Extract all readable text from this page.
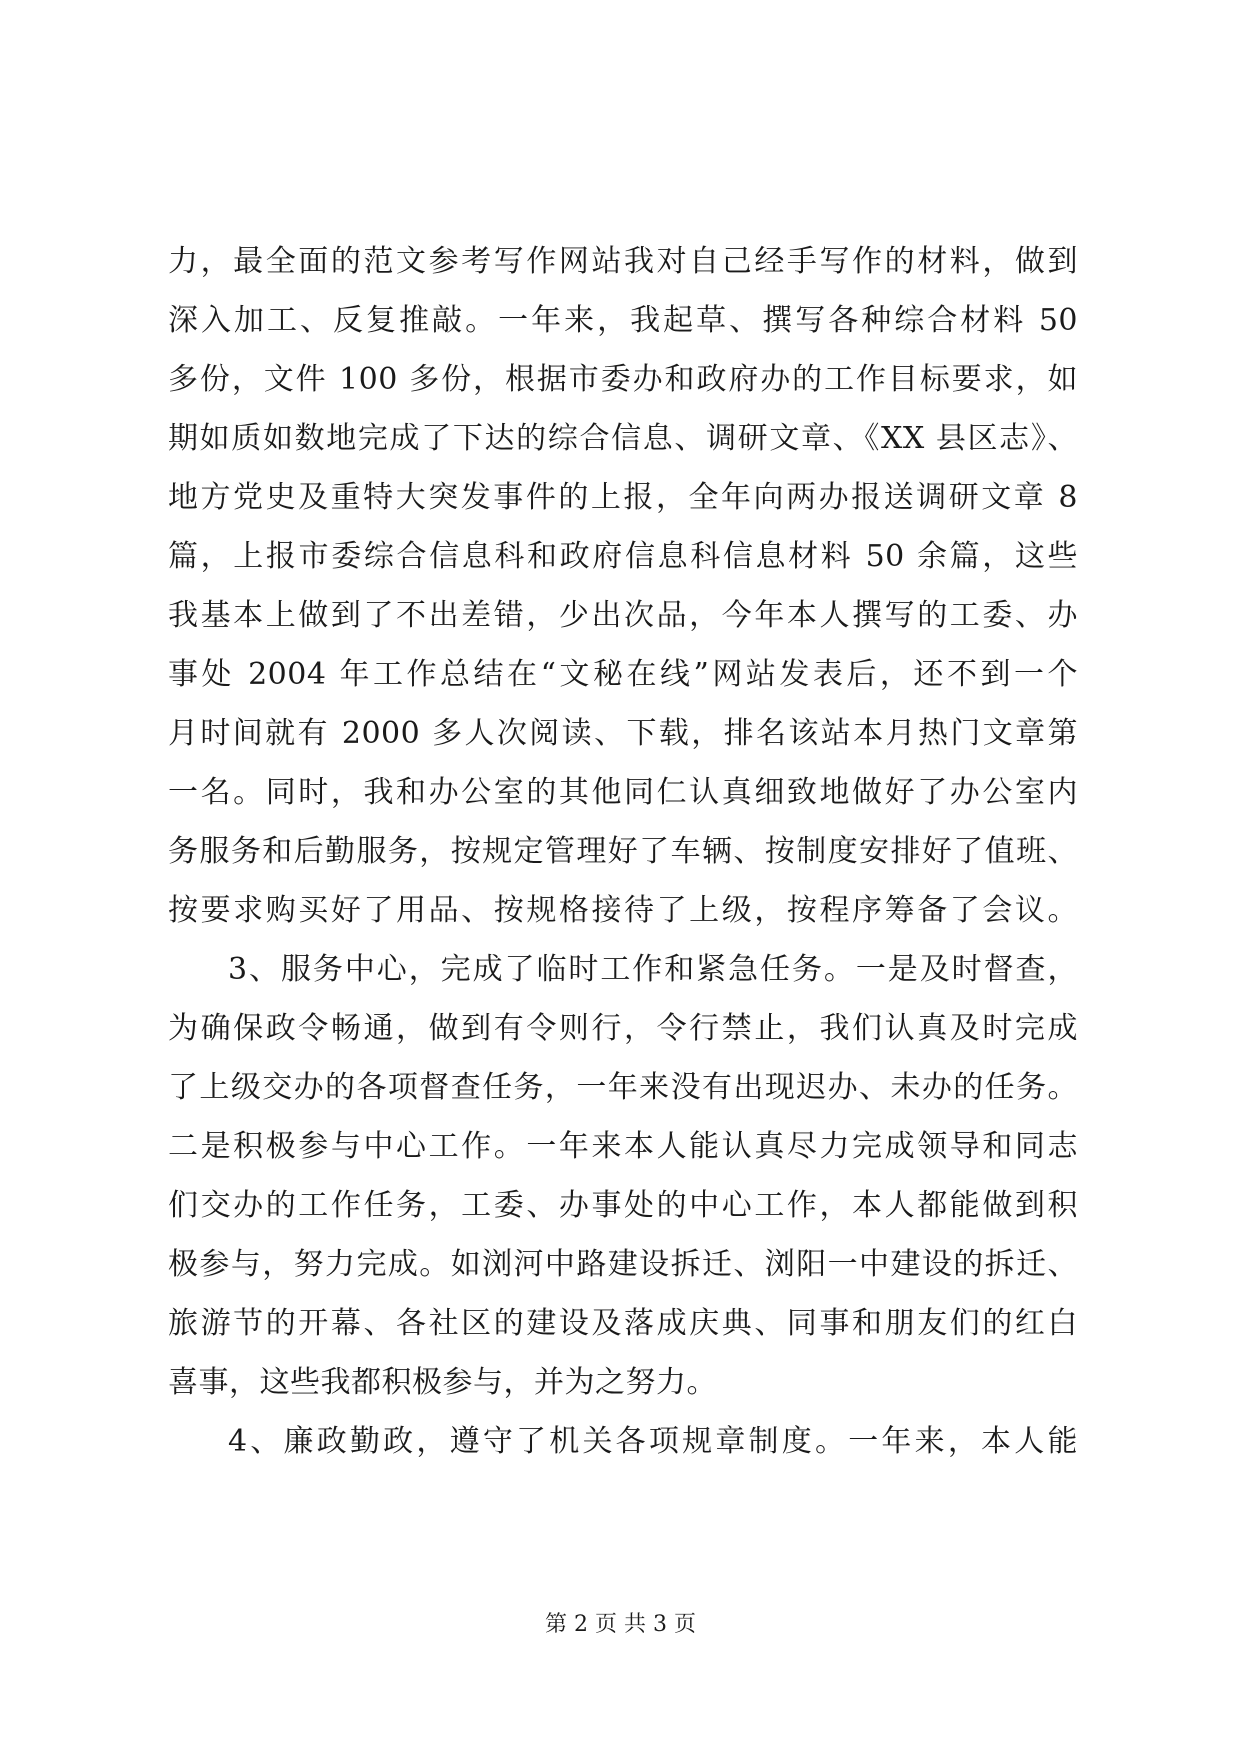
力，最全面的范文参考写作网站我对自己经手写作的材料，做到
深入加工、反复推敲。一年来，我起草、撰写各种综合材料 50
多份，文件 100 多份，根据市委办和政府办的工作目标要求，如
期如质如数地完成了下达的综合信息、调研文章、《XX 县区志》、
地方党史及重特大突发事件的上报，全年向两办报送调研文章 8
篇，上报市委综合信息科和政府信息科信息材料 50 余篇，这些
我基本上做到了不出差错，少出次品，今年本人撰写的工委、办
事处 2004 年工作总结在“文秘在线”网站发表后，还不到一个
月时间就有 2000 多人次阅读、下载，排名该站本月热门文章第
一名。同时，我和办公室的其他同仁认真细致地做好了办公室内
务服务和后勤服务，按规定管理好了车辆、按制度安排好了值班、
按要求购买好了用品、按规格接待了上级，按程序筹备了会议。
3、服务中心，完成了临时工作和紧急任务。一是及时督查，
为确保政令畅通，做到有令则行，令行禁止，我们认真及时完成
了上级交办的各项督查任务，一年来没有出现迟办、未办的任务。
二是积极参与中心工作。一年来本人能认真尽力完成领导和同志
们交办的工作任务，工委、办事处的中心工作，本人都能做到积
极参与，努力完成。如浏河中路建设拆迁、浏阳一中建设的拆迁、
旅游节的开幕、各社区的建设及落成庆典、同事和朋友们的红白
喜事，这些我都积极参与，并为之努力。
4、廉政勤政，遵守了机关各项规章制度。一年来，本人能
第 2 页 共 3 页
